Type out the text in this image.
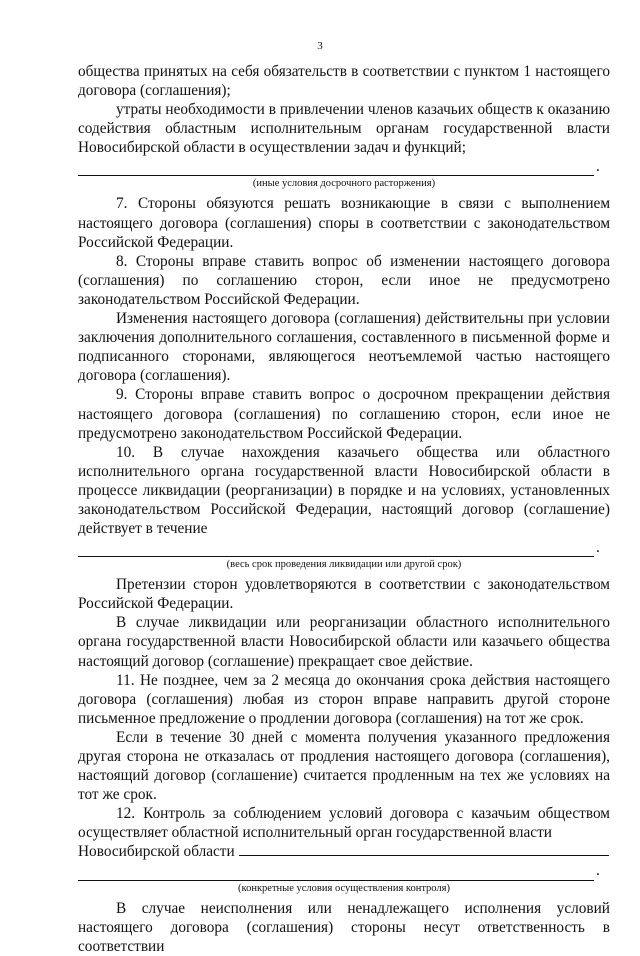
3

общества принятых на себя обязательств в соответствии с пунктом 1 настоящего договора (соглашения);

утраты необходимости в привлечении членов казачьих обществ к оказанию содействия областным исполнительным органам государственной власти Новосибирской области в осуществлении задач и функций;

.
(иные условия досрочного расторжения)

7. Стороны обязуются решать возникающие в связи с выполнением настоящего договора (соглашения) споры в соответствии с законодательством Российской Федерации.

8. Стороны вправе ставить вопрос об изменении настоящего договора (соглашения) по соглашению сторон, если иное не предусмотрено законодательством Российской Федерации.

Изменения настоящего договора (соглашения) действительны при условии заключения дополнительного соглашения, составленного в письменной форме и подписанного сторонами, являющегося неотъемлемой частью настоящего договора (соглашения).

9. Стороны вправе ставить вопрос о досрочном прекращении действия настоящего договора (соглашения) по соглашению сторон, если иное не предусмотрено законодательством Российской Федерации.

10. В случае нахождения казачьего общества или областного исполнительного органа государственной власти Новосибирской области в процессе ликвидации (реорганизации) в порядке и на условиях, установленных законодательством Российской Федерации, настоящий договор (соглашение) действует в течение

.
(весь срок проведения ликвидации или другой срок)

Претензии сторон удовлетворяются в соответствии с законодательством Российской Федерации.

В случае ликвидации или реорганизации областного исполнительного органа государственной власти Новосибирской области или казачьего общества настоящий договор (соглашение) прекращает свое действие.

11. Не позднее, чем за 2 месяца до окончания срока действия настоящего договора (соглашения) любая из сторон вправе направить другой стороне письменное предложение о продлении договора (соглашения) на тот же срок.

Если в течение 30 дней с момента получения указанного предложения другая сторона не отказалась от продления настоящего договора (соглашения), настоящий договор (соглашение) считается продленным на тех же условиях на тот же срок.

12. Контроль за соблюдением условий договора с казачьим обществом осуществляет областной исполнительный орган государственной власти

Новосибирской области
.
(конкретные условия осуществления контроля)

В случае неисполнения или ненадлежащего исполнения условий настоящего договора (соглашения) стороны несут ответственность в соответствии
